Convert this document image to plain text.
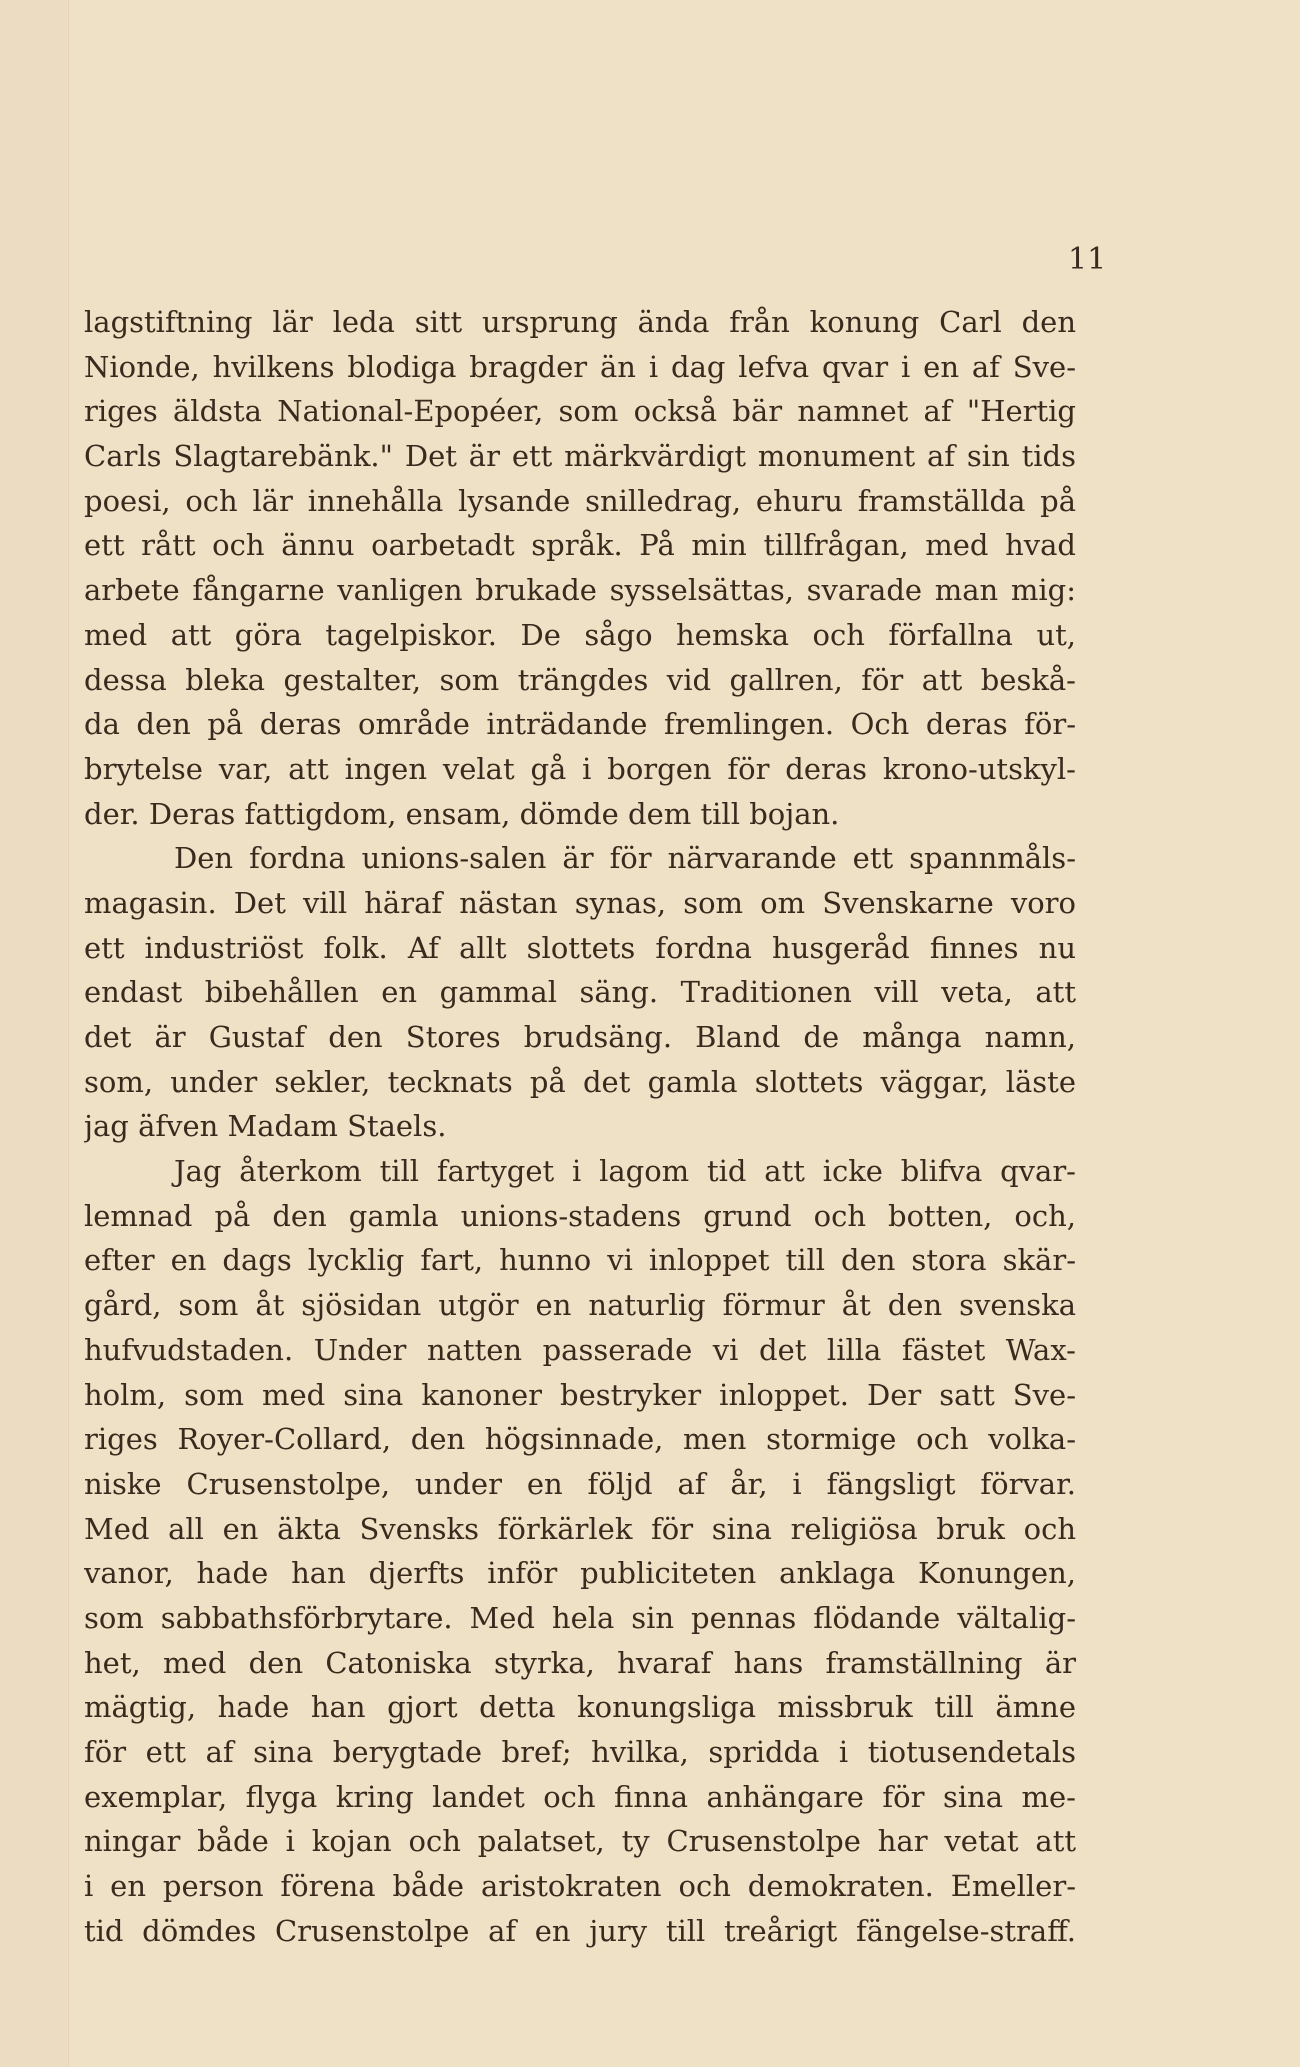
11
lagstiftning lär leda sitt ursprung ända från konung Carl den
Nionde, hvilkens blodiga bragder än i dag lefva qvar i en af Sve-
riges äldsta National-Epopéer, som också bär namnet af "Hertig
Carls Slagtarebänk." Det är ett märkvärdigt monument af sin tids
poesi, och lär innehålla lysande snilledrag, ehuru framställda på
ett rått och ännu oarbetadt språk. På min tillfrågan, med hvad
arbete fångarne vanligen brukade sysselsättas, svarade man mig:
med att göra tagelpiskor. De sågo hemska och förfallna ut,
dessa bleka gestalter, som trängdes vid gallren, för att beskå-
da den på deras område inträdande fremlingen. Och deras för-
brytelse var, att ingen velat gå i borgen för deras krono-utskyl-
der. Deras fattigdom, ensam, dömde dem till bojan.
Den fordna unions-salen är för närvarande ett spannmåls-
magasin. Det vill häraf nästan synas, som om Svenskarne voro
ett industriöst folk. Af allt slottets fordna husgeråd finnes nu
endast bibehållen en gammal säng. Traditionen vill veta, att
det är Gustaf den Stores brudsäng. Bland de många namn,
som, under sekler, tecknats på det gamla slottets väggar, läste
jag äfven Madam Staels.
Jag återkom till fartyget i lagom tid att icke blifva qvar-
lemnad på den gamla unions-stadens grund och botten, och,
efter en dags lycklig fart, hunno vi inloppet till den stora skär-
gård, som åt sjösidan utgör en naturlig förmur åt den svenska
hufvudstaden. Under natten passerade vi det lilla fästet Wax-
holm, som med sina kanoner bestryker inloppet. Der satt Sve-
riges Royer-Collard, den högsinnade, men stormige och volka-
niske Crusenstolpe, under en följd af år, i fängsligt förvar.
Med all en äkta Svensks förkärlek för sina religiösa bruk och
vanor, hade han djerfts inför publiciteten anklaga Konungen,
som sabbathsförbrytare. Med hela sin pennas flödande vältalig-
het, med den Catoniska styrka, hvaraf hans framställning är
mägtig, hade han gjort detta konungsliga missbruk till ämne
för ett af sina berygtade bref; hvilka, spridda i tiotusendetals
exemplar, flyga kring landet och finna anhängare för sina me-
ningar både i kojan och palatset, ty Crusenstolpe har vetat att
i en person förena både aristokraten och demokraten. Emeller-
tid dömdes Crusenstolpe af en jury till treårigt fängelse-straff.
